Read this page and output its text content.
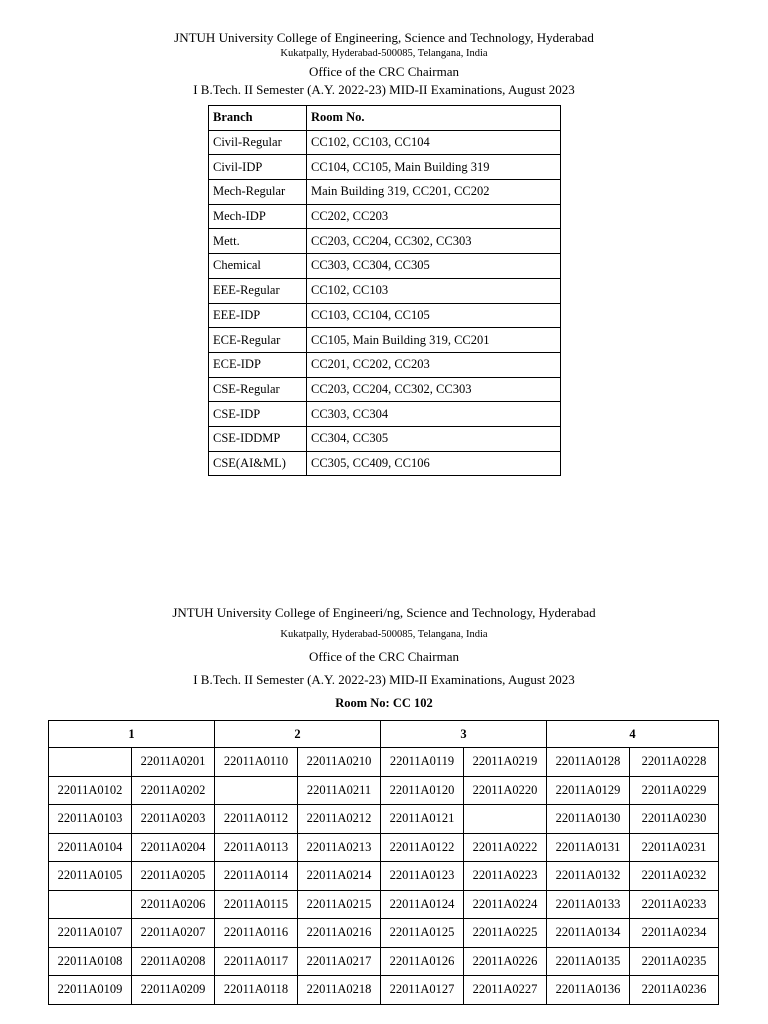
JNTUH University College of Engineering, Science and Technology, Hyderabad
Kukatpally, Hyderabad-500085, Telangana, India
Office of the CRC Chairman
I B.Tech. II Semester (A.Y. 2022-23) MID-II Examinations, August 2023
Branch	Room No.
Civil-Regular	CC102, CC103, CC104
Civil-IDP	CC104, CC105, Main Building 319
Mech-Regular	Main Building 319, CC201, CC202
Mech-IDP	CC202, CC203
Mett.	CC203, CC204, CC302, CC303
Chemical	CC303, CC304, CC305
EEE-Regular	CC102, CC103
EEE-IDP	CC103, CC104, CC105
ECE-Regular	CC105, Main Building 319, CC201
ECE-IDP	CC201, CC202, CC203
CSE-Regular	CC203, CC204, CC302, CC303
CSE-IDP	CC303, CC304
CSE-IDDMP	CC304, CC305
CSE(AI&ML)	CC305, CC409, CC106
JNTUH University College of Engineeri/ng, Science and Technology, Hyderabad
Kukatpally, Hyderabad-500085, Telangana, India
Office of the CRC Chairman
I B.Tech. II Semester (A.Y. 2022-23) MID-II Examinations, August 2023
Room No: CC 102
1		2		3		4	
	22011A0201	22011A0110	22011A0210	22011A0119	22011A0219	22011A0128	22011A0228
22011A0102	22011A0202		22011A0211	22011A0120	22011A0220	22011A0129	22011A0229
22011A0103	22011A0203	22011A0112	22011A0212	22011A0121		22011A0130	22011A0230
22011A0104	22011A0204	22011A0113	22011A0213	22011A0122	22011A0222	22011A0131	22011A0231
22011A0105	22011A0205	22011A0114	22011A0214	22011A0123	22011A0223	22011A0132	22011A0232
	22011A0206	22011A0115	22011A0215	22011A0124	22011A0224	22011A0133	22011A0233
22011A0107	22011A0207	22011A0116	22011A0216	22011A0125	22011A0225	22011A0134	22011A0234
22011A0108	22011A0208	22011A0117	22011A0217	22011A0126	22011A0226	22011A0135	22011A0235
22011A0109	22011A0209	22011A0118	22011A0218	22011A0127	22011A0227	22011A0136	22011A0236
